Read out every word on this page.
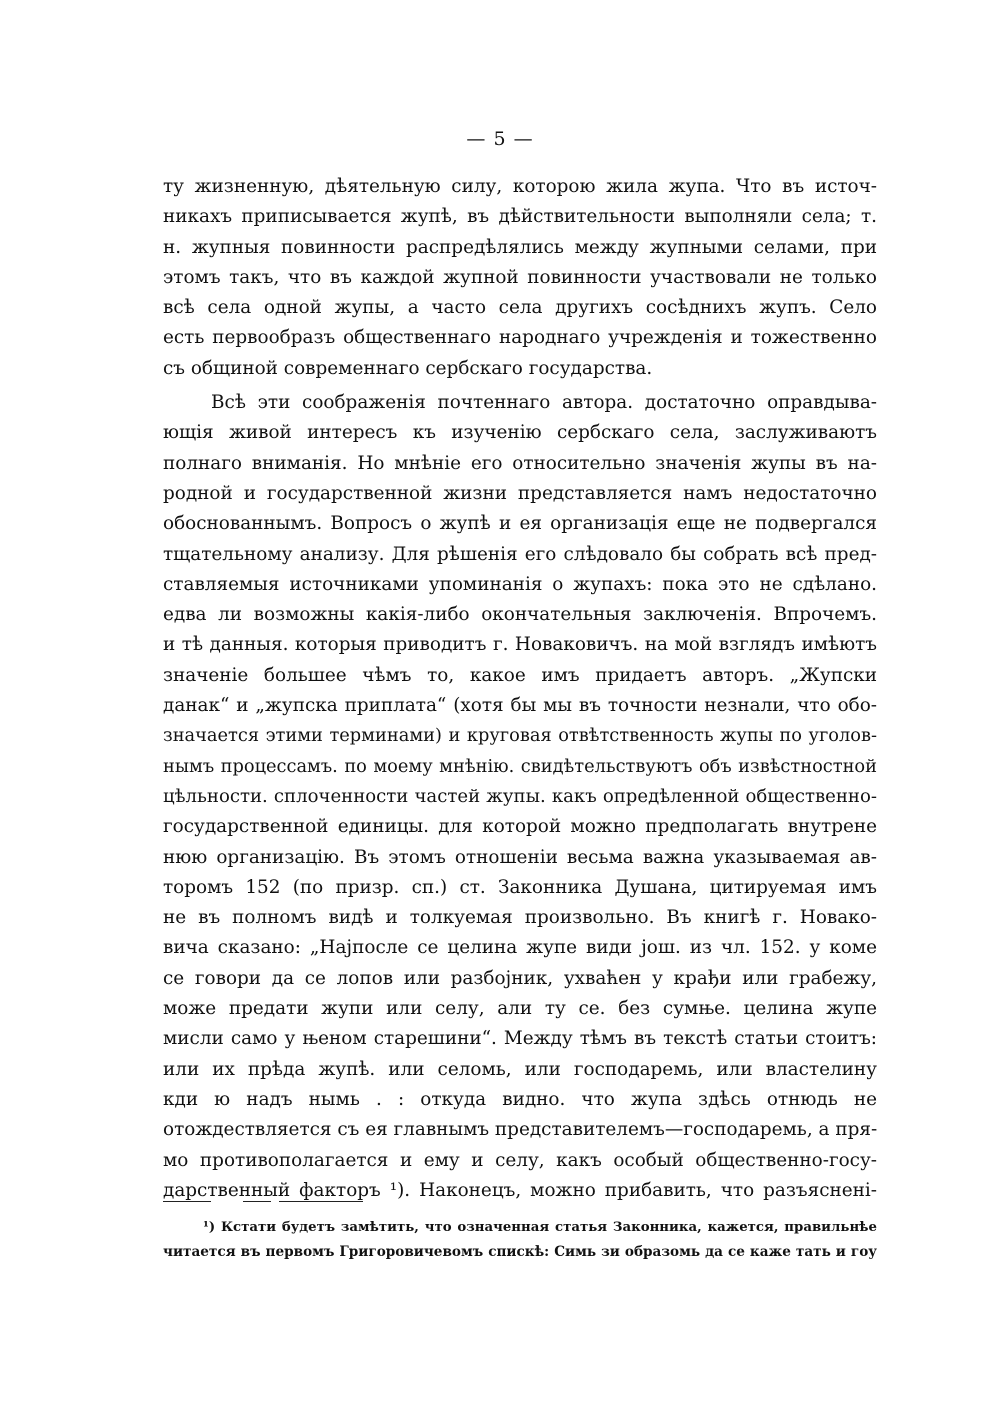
— 5 —
ту жизненную, дѣятельную силу, которою жила жупа. Что въ источ-
никахъ приписывается жупѣ, въ дѣйствительности выполняли села; т.
н. жупныя повинности распредѣлялись между жупными селами, при
этомъ такъ, что въ каждой жупной повинности участвовали не только
всѣ села одной жупы, а часто села другихъ сосѣднихъ жупъ. Село
есть первообразъ общественнаго народнаго учрежденія и тожественно
съ общиной современнаго сербскаго государства.
Всѣ эти соображенія почтеннаго автора. достаточно оправдыва-
ющія живой интересъ къ изученію сербскаго села, заслуживаютъ
полнаго вниманія. Но мнѣніе его относительно значенія жупы въ на-
родной и государственной жизни представляется намъ недостаточно
обоснованнымъ. Вопросъ о жупѣ и ея организація еще не подвергался
тщательному анализу. Для рѣшенія его слѣдовало бы собрать всѣ пред-
ставляемыя источниками упоминанія о жупахъ: пока это не сдѣлано.
едва ли возможны какія-либо окончательныя заключенія. Впрочемъ.
и тѣ данныя. которыя приводитъ г. Новаковичъ. на мой взглядъ имѣютъ
значеніе большее чѣмъ то, какое имъ придаетъ авторъ. „Жупски
данак“ и „жупска приплата“ (хотя бы мы въ точности незнали, что обо-
значается этими терминами) и круговая отвѣтственность жупы по уголов-
нымъ процессамъ. по моему мнѣнію. свидѣтельствуютъ объ извѣстностной
цѣльности. сплоченности частей жупы. какъ опредѣленной общественно-
государственной единицы. для которой можно предполагать внутрене
нюю организацію. Въ этомъ отношеніи весьма важна указываемая ав-
торомъ 152 (по призр. сп.) ст. Законника Душана, цитируемая имъ
не въ полномъ видѣ и толкуемая произвольно. Въ книгѣ г. Новако-
вича сказано: „Најпосле се целина жупе види још. из чл. 152. у коме
се говори да се лопов или разбојник, ухваћен у крађи или грабежу,
може предати жупи или селу, али ту се. без сумње. целина жупе
мисли само у њеном старешини“. Между тѣмъ въ текстѣ статьи стоитъ:
или их прѣда жупѣ. или селомь, или господаремь, или властелину
кди ю надъ нымь . : откуда видно. что жупа здѣсь отнюдь не
отождествляется съ ея главнымъ представителемъ—господаремь, а пря-
мо противополагается и ему и селу, какъ особый общественно-госу-
дарственный факторъ ¹). Наконецъ, можно прибавить, что разъясненi-
¹) Кстати будетъ замѣтить, что означенная статья Законника, кажется, правильнѣе
читается въ первомъ Григоровичевомъ спискѣ: Симь зи образомь да се каже тать и гоу
